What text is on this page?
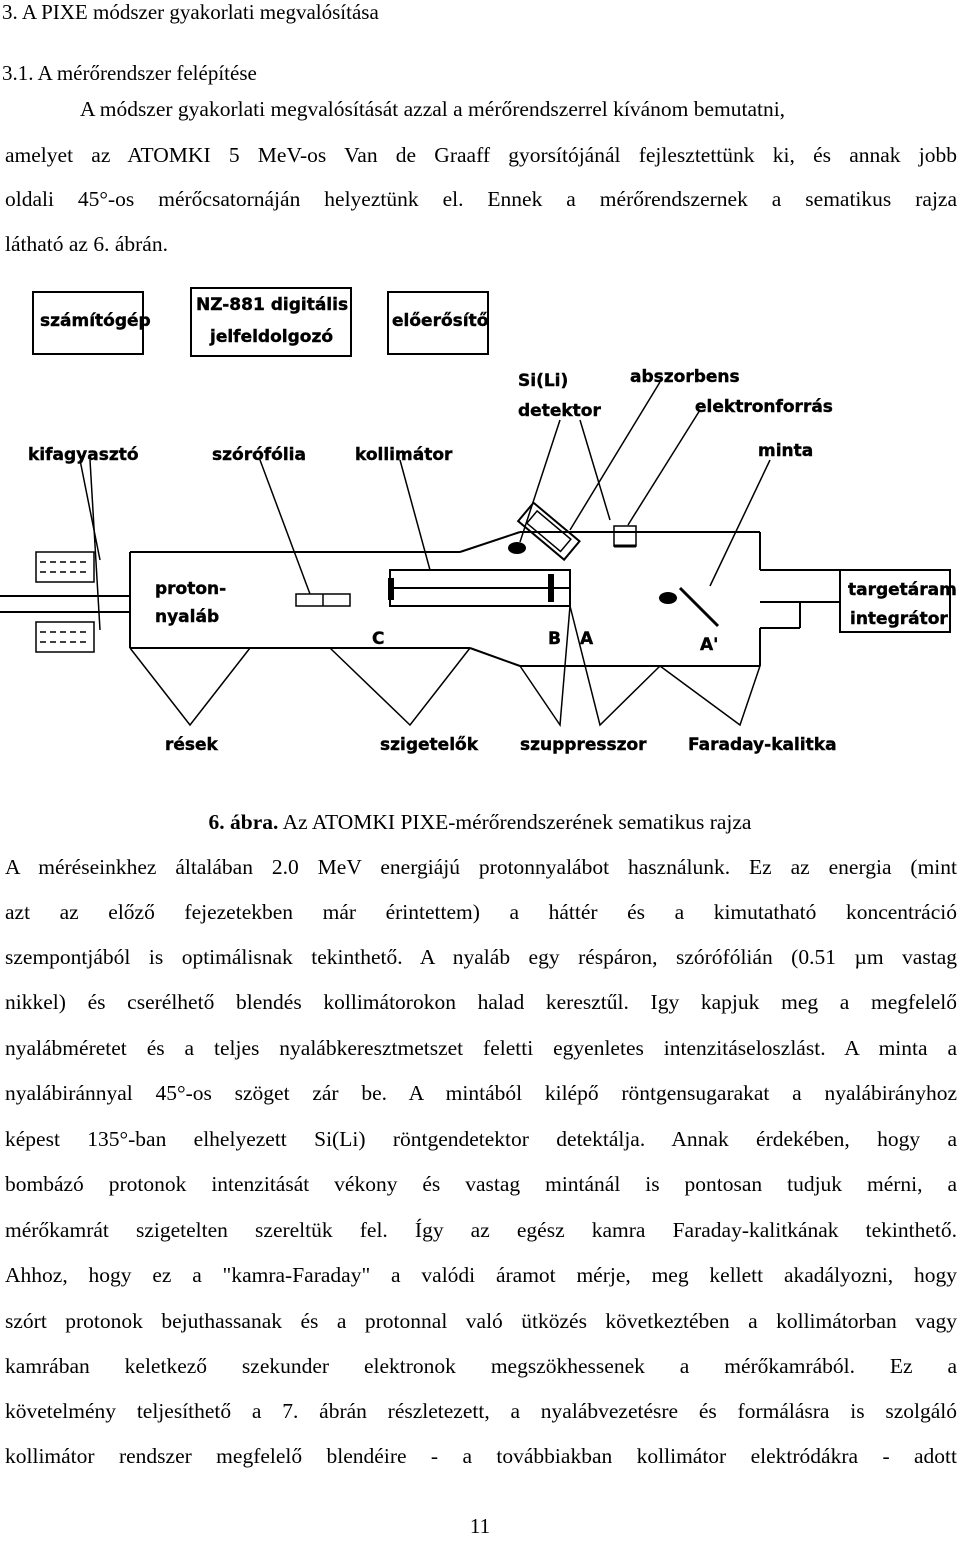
3. A PIXE módszer gyakorlati megvalósítása
3.1. A mérőrendszer felépítése
A módszer gyakorlati megvalósítását azzal a mérőrendszerrel kívánom bemutatni,
amelyet az ATOMKI 5 MeV-os Van de Graaff gyorsítójánál fejlesztettünk ki, és annak jobb
oldali 45°-os mérőcsatornáján helyeztünk el. Ennek a mérőrendszernek a sematikus rajza
látható az 6. ábrán.
számítógép
NZ-881 digitális
jelfeldolgozó
előerősítő
Si(Li)
detektor
abszorbens
elektronforrás
minta
kifagyasztó	szórófólia	kollimátor
proton-
nyaláb
C	B A	A'
targetáram
integrátor
rések	szigetelők szuppresszor Faraday-kalitka
6. ábra. Az ATOMKI PIXE-mérőrendszerének sematikus rajza
A méréseinkhez általában 2.0 MeV energiájú protonnyalábot használunk. Ez az energia (mint
azt az előző fejezetekben már érintettem) a háttér és a kimutatható koncentráció
szempontjából is optimálisnak tekinthető. A nyaláb egy réspáron, szórófólián (0.51 µm vastag
nikkel) és cserélhető blendés kollimátorokon halad keresztűl. Igy kapjuk meg a megfelelő
nyalábméretet és a teljes nyalábkeresztmetszet feletti egyenletes intenzitáseloszlást. A minta a
nyalábiránnyal 45°-os szöget zár be. A mintából kilépő röntgensugarakat a nyalábirányhoz
képest 135°-ban elhelyezett Si(Li) röntgendetektor detektálja. Annak érdekében, hogy a
bombázó protonok intenzitását vékony és vastag mintánál is pontosan tudjuk mérni, a
mérőkamrát szigetelten szereltük fel. Így az egész kamra Faraday-kalitkának tekinthető.
Ahhoz, hogy ez a "kamra-Faraday" a valódi áramot mérje, meg kellett akadályozni, hogy
szórt protonok bejuthassanak és a protonnal való ütközés következtében a kollimátorban vagy
kamrában keletkező szekunder elektronok megszökhessenek a mérőkamrából. Ez a
követelmény teljesíthető a 7. ábrán részletezett, a nyalábvezetésre és formálásra is szolgáló
kollimátor rendszer megfelelő blendéire - a továbbiakban kollimátor elektródákra - adott
11
